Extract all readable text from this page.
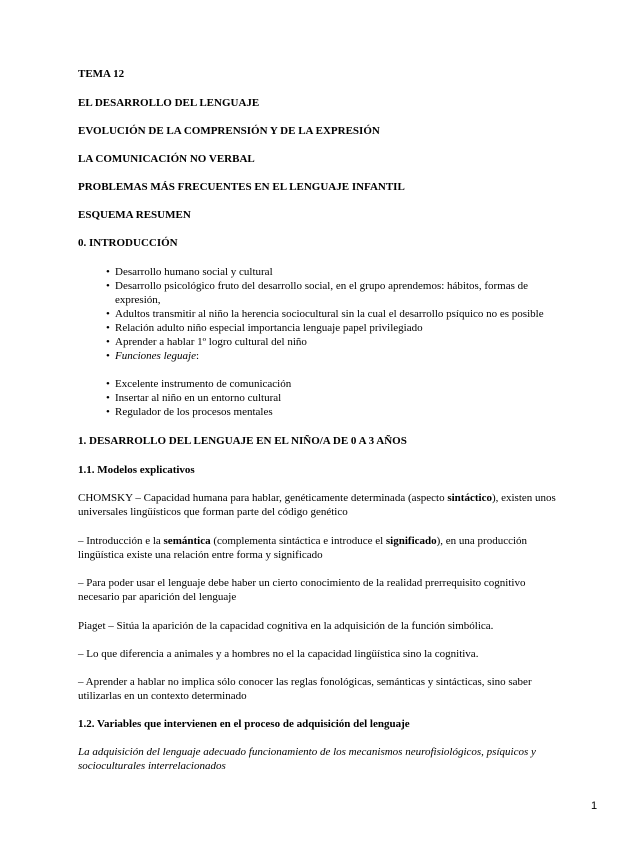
TEMA 12
EL DESARROLLO DEL LENGUAJE
EVOLUCIÓN DE LA COMPRENSIÓN Y DE LA EXPRESIÓN
LA COMUNICACIÓN NO VERBAL
PROBLEMAS MÁS FRECUENTES EN EL LENGUAJE INFANTIL
ESQUEMA RESUMEN
0. INTRODUCCIÓN
• Desarrollo humano social y cultural
• Desarrollo psicológico fruto del desarrollo social, en el grupo aprendemos: hábitos, formas de
expresión,
• Adultos transmitir al niño la herencia sociocultural sin la cual el desarrollo psíquico no es posible
• Relación adulto niño especial importancia lenguaje papel privilegiado
• Aprender a hablar 1º logro cultural del niño
• Funciones leguaje:
• Excelente instrumento de comunicación
• Insertar al niño en un entorno cultural
• Regulador de los procesos mentales
1. DESARROLLO DEL LENGUAJE EN EL NIÑO/A DE 0 A 3 AÑOS
1.1. Modelos explicativos
CHOMSKY – Capacidad humana para hablar, genéticamente determinada (aspecto sintáctico), existen unos
universales lingüísticos que forman parte del código genético
– Introducción e la semántica (complementa sintáctica e introduce el significado), en una producción
lingüística existe una relación entre forma y significado
– Para poder usar el lenguaje debe haber un cierto conocimiento de la realidad prerrequisito cognitivo
necesario par aparición del lenguaje
Piaget – Sitúa la aparición de la capacidad cognitiva en la adquisición de la función simbólica.
– Lo que diferencia a animales y a hombres no el la capacidad lingüística sino la cognitiva.
– Aprender a hablar no implica sólo conocer las reglas fonológicas, semánticas y sintácticas, sino saber
utilizarlas en un contexto determinado
1.2. Variables que intervienen en el proceso de adquisición del lenguaje
La adquisición del lenguaje adecuado funcionamiento de los mecanismos neurofisiológicos, psíquicos y
socioculturales interrelacionados
1
